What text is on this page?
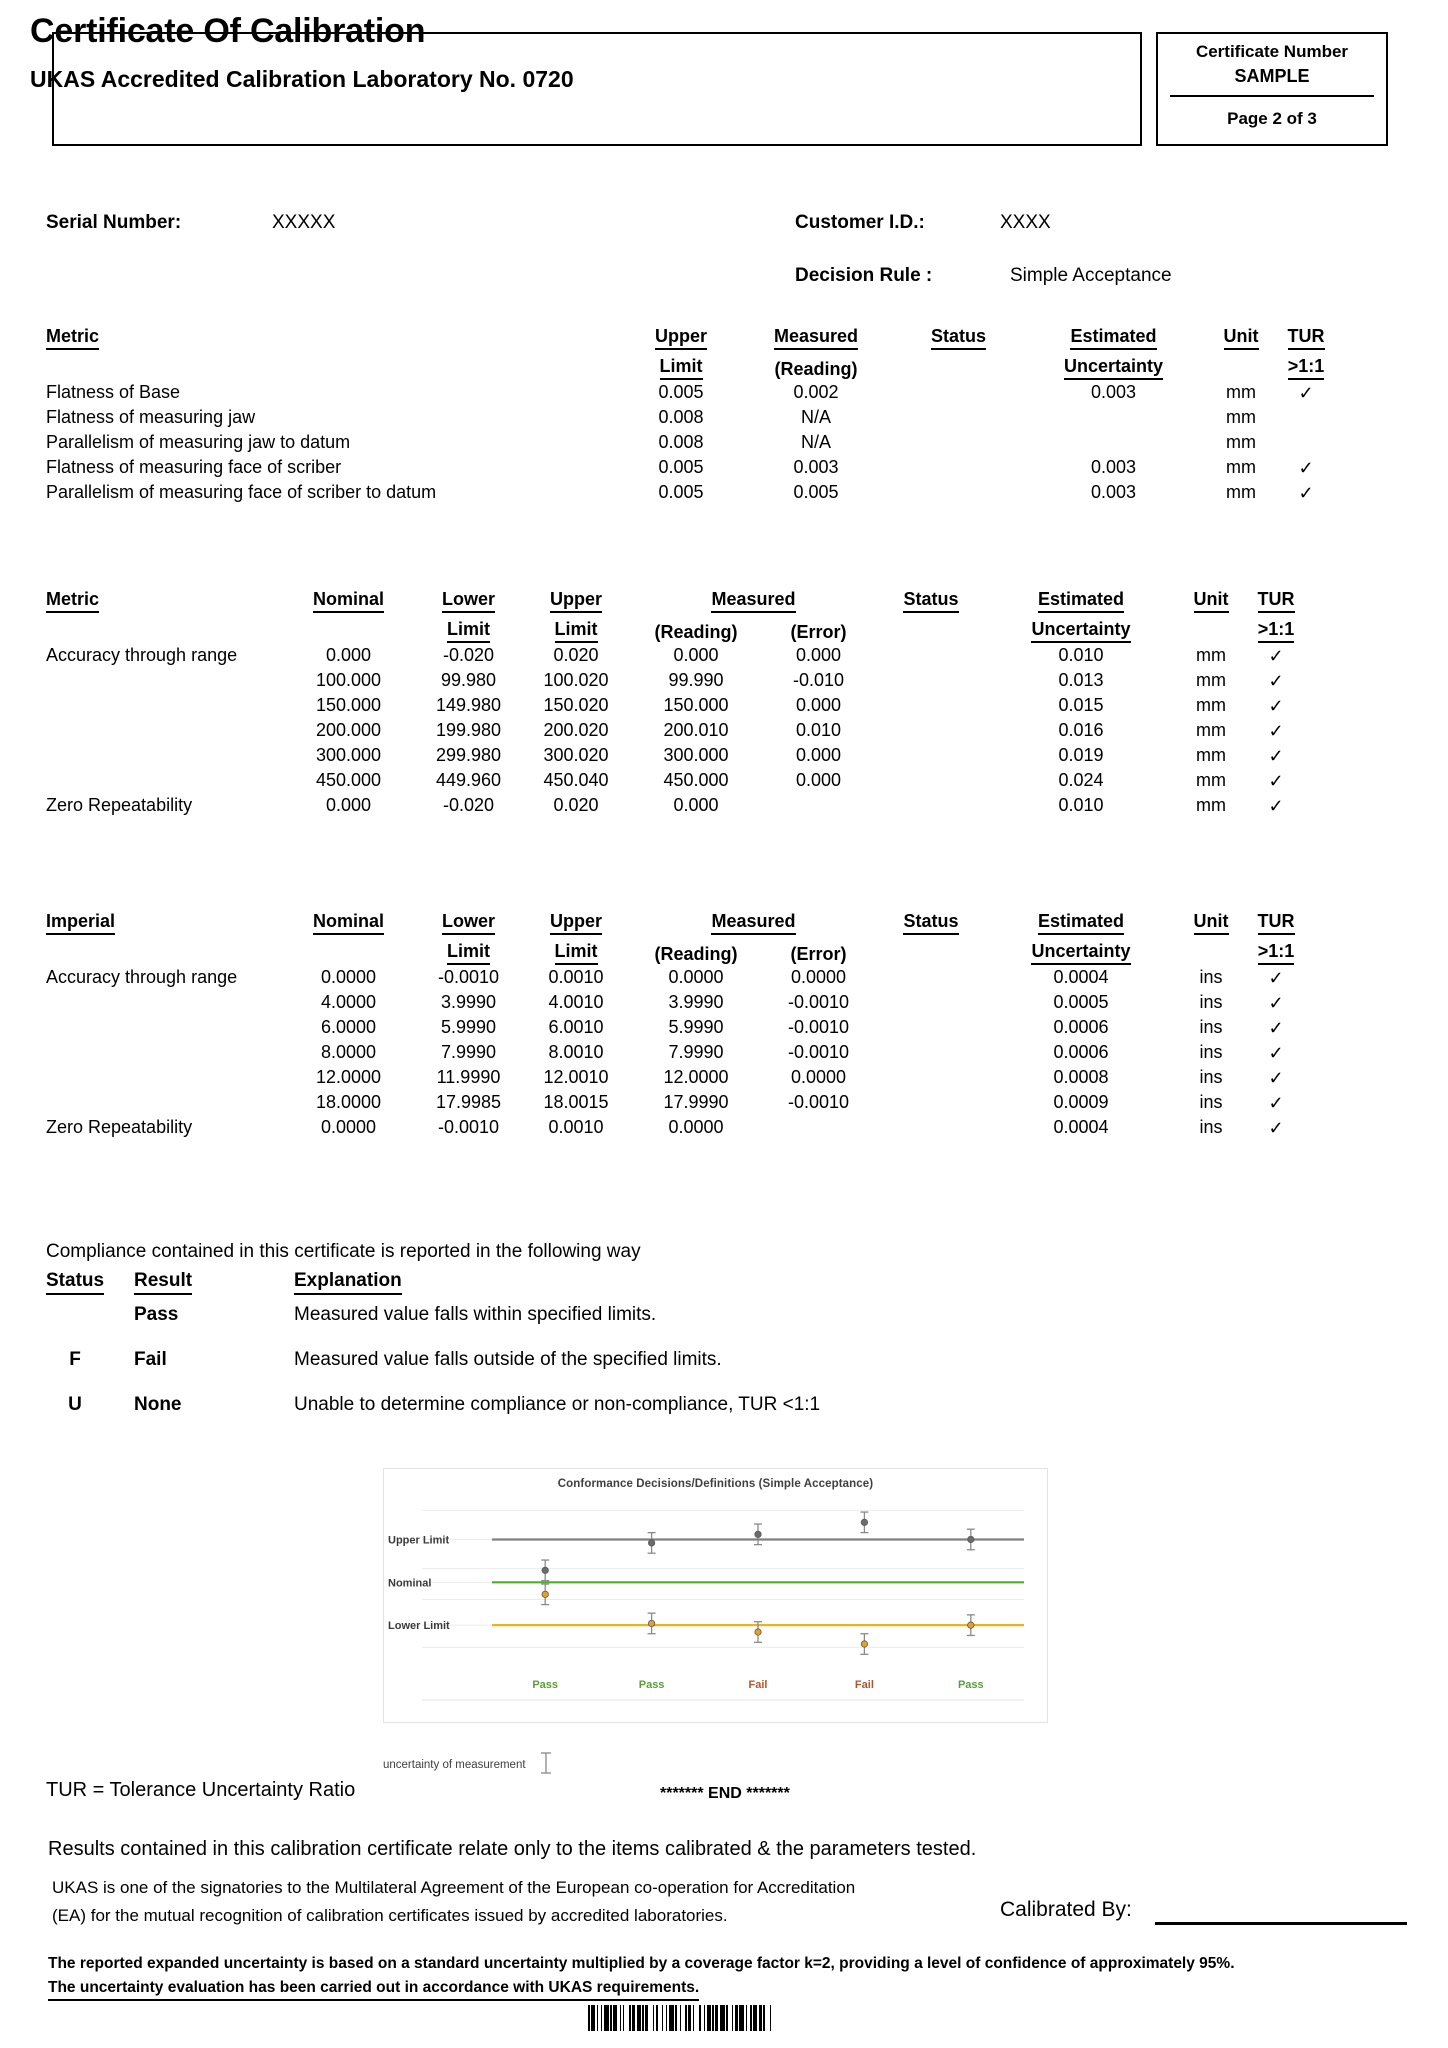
Certificate Of Calibration
UKAS Accredited Calibration Laboratory No. 0720
Certificate Number
SAMPLE
Page 2 of 3
Serial Number:	XXXXX	Customer I.D.:	XXXX
Decision Rule :	Simple Acceptance
Metric	Upper	Measured	Status	Estimated	Unit	TUR
	Limit	(Reading)		Uncertainty		>1:1
Flatness of Base	0.005	0.002		0.003	mm	✓
Flatness of measuring jaw	0.008	N/A			mm	
Parallelism of measuring jaw to datum	0.008	N/A			mm	
Flatness of measuring face of scriber	0.005	0.003		0.003	mm	✓
Parallelism of measuring face of scriber to datum	0.005	0.005		0.003	mm	✓
Metric	Nominal	Lower	Upper	Measured		Status	Estimated	Unit	TUR
		Limit	Limit	(Reading)	(Error)		Uncertainty		>1:1
Accuracy through range	0.000	-0.020	0.020	0.000	0.000		0.010	mm	✓
	100.000	99.980	100.020	99.990	-0.010		0.013	mm	✓
	150.000	149.980	150.020	150.000	0.000		0.015	mm	✓
	200.000	199.980	200.020	200.010	0.010		0.016	mm	✓
	300.000	299.980	300.020	300.000	0.000		0.019	mm	✓
	450.000	449.960	450.040	450.000	0.000		0.024	mm	✓
Zero Repeatability	0.000	-0.020	0.020	0.000			0.010	mm	✓
Imperial	Nominal	Lower	Upper	Measured		Status	Estimated	Unit	TUR
		Limit	Limit	(Reading)	(Error)		Uncertainty		>1:1
Accuracy through range	0.0000	-0.0010	0.0010	0.0000	0.0000		0.0004	ins	✓
	4.0000	3.9990	4.0010	3.9990	-0.0010		0.0005	ins	✓
	6.0000	5.9990	6.0010	5.9990	-0.0010		0.0006	ins	✓
	8.0000	7.9990	8.0010	7.9990	-0.0010		0.0006	ins	✓
	12.0000	11.9990	12.0010	12.0000	0.0000		0.0008	ins	✓
	18.0000	17.9985	18.0015	17.9990	-0.0010		0.0009	ins	✓
Zero Repeatability	0.0000	-0.0010	0.0010	0.0000			0.0004	ins	✓
Compliance contained in this certificate is reported in the following way
Status	Result	Explanation
	Pass	Measured value falls within specified limits.
F	Fail	Measured value falls outside of the specified limits.
U	None	Unable to determine compliance or non-compliance, TUR <1:1
Conformance Decisions/Definitions (Simple Acceptance)
Upper Limit
Nominal
Lower Limit
Pass	Pass	Fail	Fail	Pass
uncertainty of measurement
TUR = Tolerance Uncertainty Ratio	******* END *******
Results contained in this calibration certificate relate only to the items calibrated & the parameters tested.
UKAS is one of the signatories to the Multilateral Agreement of the European co-operation for Accreditation
(EA) for the mutual recognition of calibration certificates issued by accredited laboratories.	Calibrated By:
The reported expanded uncertainty is based on a standard uncertainty multiplied by a coverage factor k=2, providing a level of confidence of approximately 95%.
The uncertainty evaluation has been carried out in accordance with UKAS requirements.
